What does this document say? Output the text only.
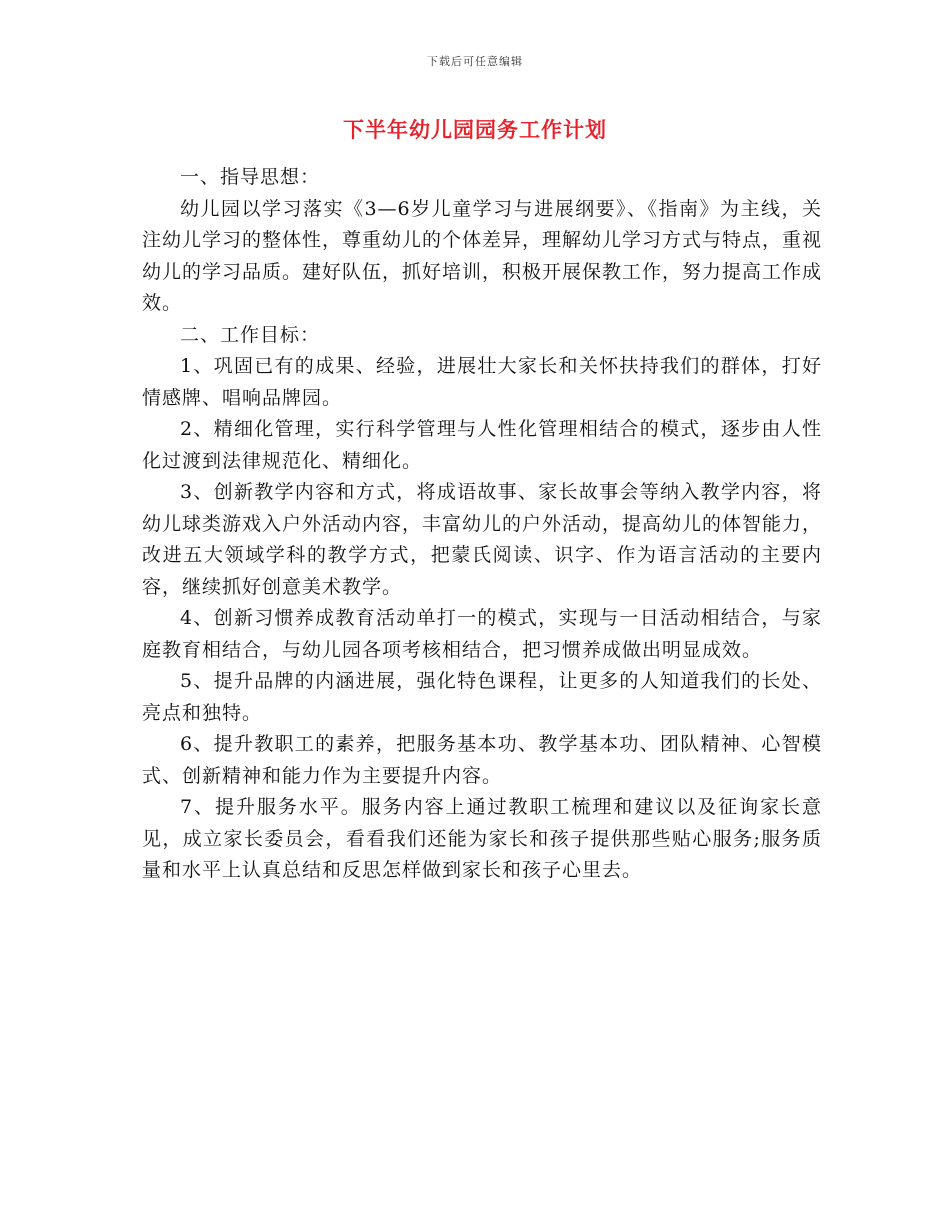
下载后可任意编辑
下半年幼儿园园务工作计划

一、指导思想：

幼儿园以学习落实《3—6岁儿童学习与进展纲要》、《指南》为主线，关注幼儿学习的整体性，尊重幼儿的个体差异，理解幼儿学习方式与特点，重视幼儿的学习品质。建好队伍，抓好培训，积极开展保教工作，努力提高工作成效。

二、工作目标：

1、巩固已有的成果、经验，进展壮大家长和关怀扶持我们的群体，打好情感牌、唱响品牌园。

2、精细化管理，实行科学管理与人性化管理相结合的模式，逐步由人性化过渡到法律规范化、精细化。

3、创新教学内容和方式，将成语故事、家长故事会等纳入教学内容，将幼儿球类游戏入户外活动内容，丰富幼儿的户外活动，提高幼儿的体智能力，改进五大领域学科的教学方式，把蒙氏阅读、识字、作为语言活动的主要内容，继续抓好创意美术教学。

4、创新习惯养成教育活动单打一的模式，实现与一日活动相结合，与家庭教育相结合，与幼儿园各项考核相结合，把习惯养成做出明显成效。

5、提升品牌的内涵进展，强化特色课程，让更多的人知道我们的长处、亮点和独特。

6、提升教职工的素养，把服务基本功、教学基本功、团队精神、心智模式、创新精神和能力作为主要提升内容。

7、提升服务水平。服务内容上通过教职工梳理和建议以及征询家长意见，成立家长委员会，看看我们还能为家长和孩子提供那些贴心服务;服务质量和水平上认真总结和反思怎样做到家长和孩子心里去。
